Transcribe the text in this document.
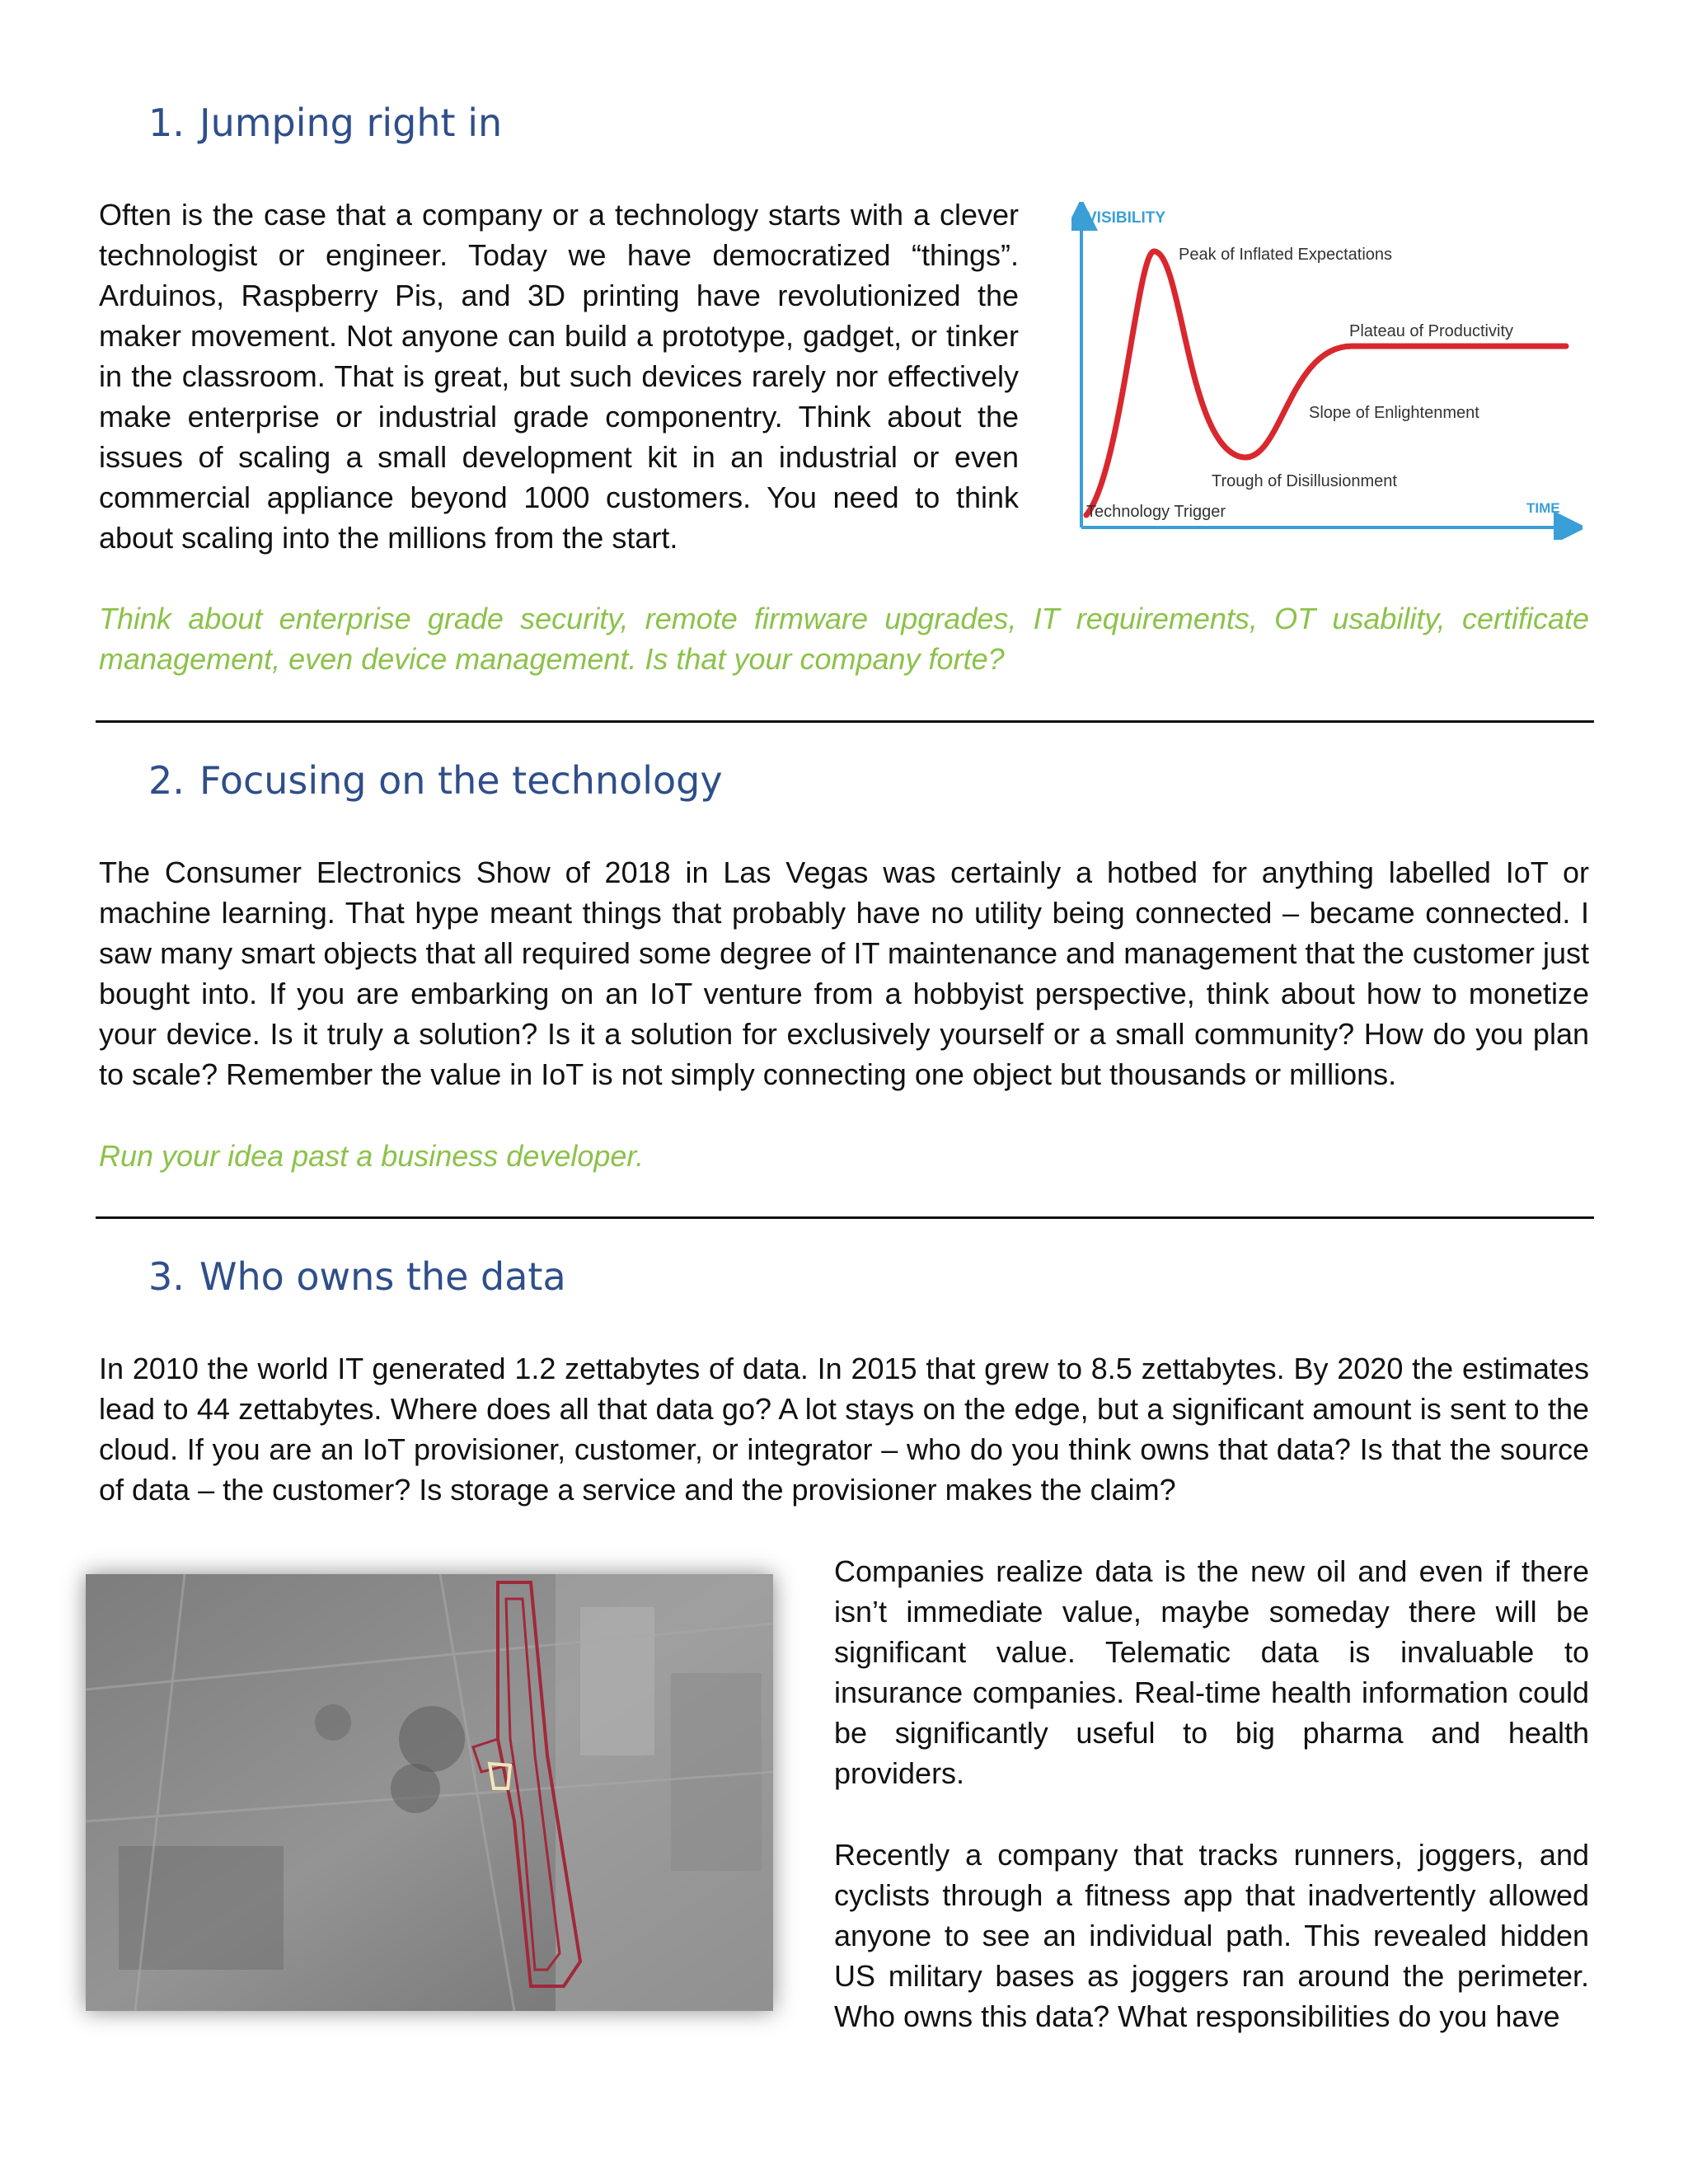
1. Jumping right in

Often is the case that a company or a technology starts with a clever technologist or engineer. Today we have democratized “things”. Arduinos, Raspberry Pis, and 3D printing have revolutionized the maker movement. Not anyone can build a prototype, gadget, or tinker in the classroom. That is great, but such devices rarely nor effectively make enterprise or industrial grade componentry. Think about the issues of scaling a small development kit in an industrial or even commercial appliance beyond 1000 customers. You need to think about scaling into the millions from the start.

VISIBILITY
TIME
Technology Trigger
Peak of Inflated Expectations
Trough of Disillusionment
Slope of Enlightenment
Plateau of Productivity

Think about enterprise grade security, remote firmware upgrades, IT requirements, OT usability, certificate management, even device management. Is that your company forte?

2. Focusing on the technology

The Consumer Electronics Show of 2018 in Las Vegas was certainly a hotbed for anything labelled IoT or machine learning. That hype meant things that probably have no utility being connected – became connected. I saw many smart objects that all required some degree of IT maintenance and management that the customer just bought into. If you are embarking on an IoT venture from a hobbyist perspective, think about how to monetize your device. Is it truly a solution? Is it a solution for exclusively yourself or a small community? How do you plan to scale? Remember the value in IoT is not simply connecting one object but thousands or millions.

Run your idea past a business developer.

3. Who owns the data

In 2010 the world IT generated 1.2 zettabytes of data. In 2015 that grew to 8.5 zettabytes. By 2020 the estimates lead to 44 zettabytes. Where does all that data go? A lot stays on the edge, but a significant amount is sent to the cloud. If you are an IoT provisioner, customer, or integrator – who do you think owns that data? Is that the source of data – the customer? Is storage a service and the provisioner makes the claim?

Companies realize data is the new oil and even if there isn’t immediate value, maybe someday there will be significant value. Telematic data is invaluable to insurance companies. Real-time health information could be significantly useful to big pharma and health providers.

Recently a company that tracks runners, joggers, and cyclists through a fitness app that inadvertently allowed anyone to see an individual path. This revealed hidden US military bases as joggers ran around the perimeter. Who owns this data? What responsibilities do you have
